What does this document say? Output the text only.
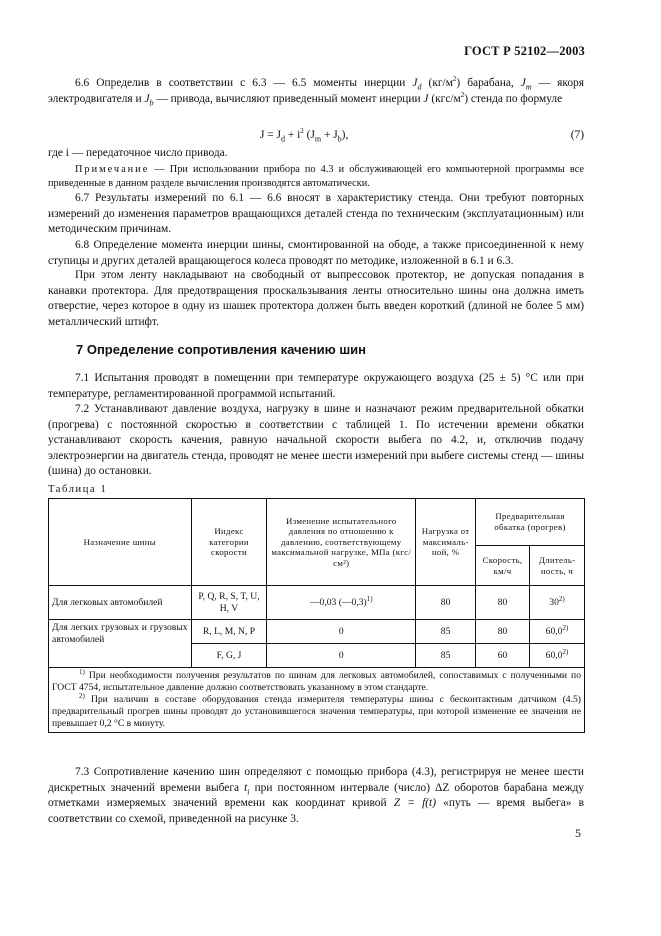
ГОСТ Р 52102—2003

6.6 Определив в соответствии с 6.3 — 6.5 моменты инерции $J_d$ $(кг/м^2)$ барабана, $J_m$ — якоря электродвигателя и $J_b$ — привода, вычисляют приведенный момент инерции J $(кгс/м^2)$ стенда по формуле

$J = J_d + i^2$ $(J_m + J_b)$,	(7)

где i — передаточное число привода.

Примечание — При использовании прибора по 4.3 и обслуживающей его компьютерной программы все приведенные в данном разделе вычисления производятся автоматически.

6.7 Результаты измерений по 6.1 — 6.6 вносят в характеристику стенда. Они требуют повторных измерений до изменения параметров вращающихся деталей стенда по техническим (эксплуатационным) или методическим причинам.

6.8 Определение момента инерции шины, смонтированной на ободе, а также присоединенной к нему ступицы и других деталей вращающегося колеса проводят по методике, изложенной в 6.1 и 6.3.

При этом ленту накладывают на свободный от выпрессовок протектор, не допуская попадания в канавки протектора. Для предотвращения проскальзывания ленты относительно шины она должна иметь отверстие, через которое в одну из шашек протектора должен быть введен короткий (длиной не более 5 мм) металлический штифт.

7 Определение сопротивления качению шин

7.1 Испытания проводят в помещении при температуре окружающего воздуха (25 ± 5) °С или при температуре, регламентированной программой испытаний.

7.2 Устанавливают давление воздуха, нагрузку в шине и назначают режим предварительной обкатки (прогрева) с постоянной скоростью в соответствии с таблицей 1. По истечении времени обкатки устанавливают скорость качения, равную начальной скорости выбега по 4.2, и, отключив подачу электроэнергии на двигатель стенда, проводят не менее шести измерений при выбеге системы стенд — шины (шина) до остановки.

Таблица 1
Назначение шины	Индекс категории скорости	Изменение испытательного давления по отношению к давлению, соответствующему максимальной нагрузке, МПа (кгс/см²)	Нагрузка от максимальной, %	Предварительная обкатка (прогрев)	
				Скорость, км/ч	Длительность, ч
Для легковых автомобилей	P, Q, R, S, T, U, H, V	—0,03 (—0,3)$^{1)}$	80	80	30$^{2)}$
Для легких грузовых и грузовых автомобилей	R, L, M, N, P	0	85	80	60,0$^{2)}$
	F, G, J	0	85	60	60,0$^{2)}$

$^{1)}$ При необходимости получения результатов по шинам для легковых автомобилей, сопоставимых с полученными по ГОСТ 4754, испытательное давление должно соответствовать указанному в этом стандарте.

$^{2)}$ При наличии в составе оборудования стенда измерителя температуры шины с бесконтактным датчиком (4.5) предварительный прогрев шины проводят до установившегося значения температуры, при которой изменение ее значения не превышает 0,2 °С в минуту.					

7.3 Сопротивление качению шин определяют с помощью прибора (4.3), регистрируя не менее шести дискретных значений времени выбега $t_i$ при постоянном интервале (число) ΔZ оборотов барабана между отметками измеряемых значений времени как координат кривой Z = f(t) «путь — время выбега» в соответствии со схемой, приведенной на рисунке 3.

5
